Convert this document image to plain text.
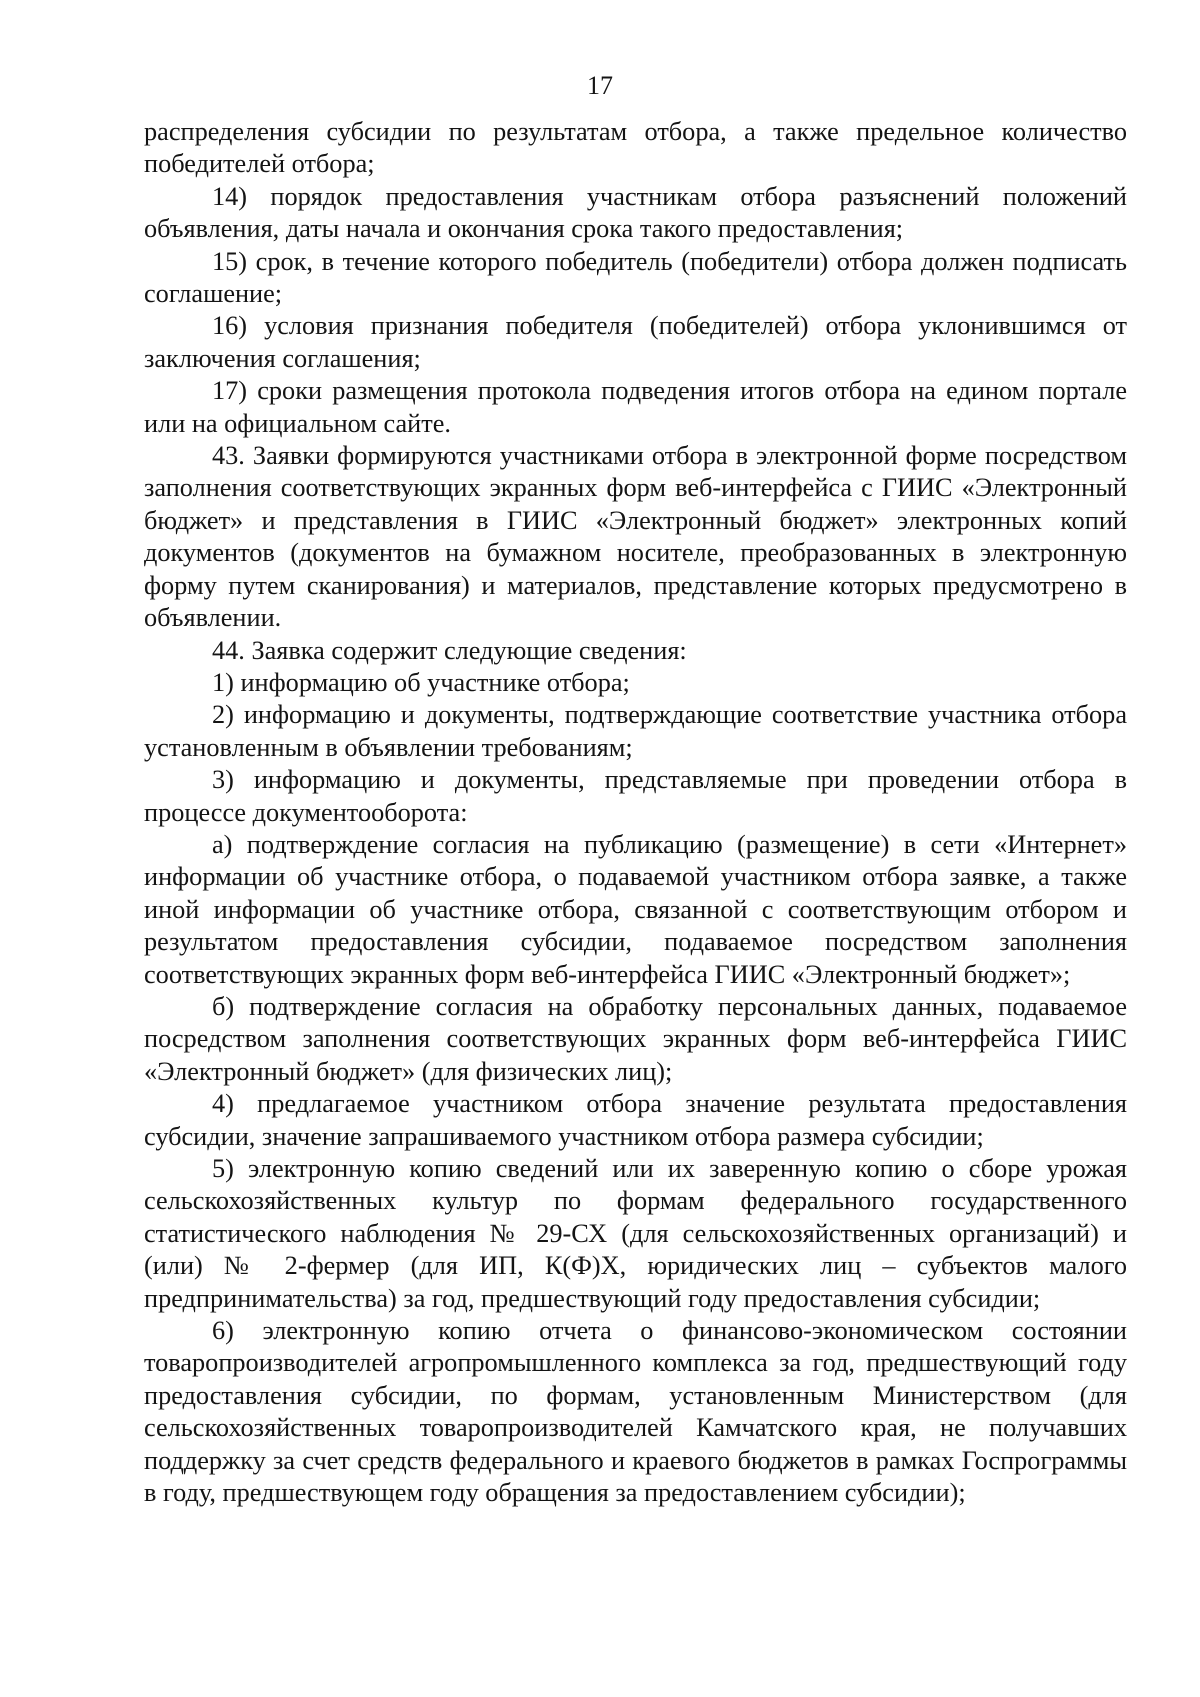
17

распределения субсидии по результатам отбора, а также предельное количество победителей отбора;

14) порядок предоставления участникам отбора разъяснений положений объявления, даты начала и окончания срока такого предоставления;

15) срок, в течение которого победитель (победители) отбора должен подписать соглашение;

16) условия признания победителя (победителей) отбора уклонившимся от заключения соглашения;

17) сроки размещения протокола подведения итогов отбора на едином портале или на официальном сайте.

43. Заявки формируются участниками отбора в электронной форме посредством заполнения соответствующих экранных форм веб-интерфейса с ГИИС «Электронный бюджет» и представления в ГИИС «Электронный бюджет» электронных копий документов (документов на бумажном носителе, преобразованных в электронную форму путем сканирования) и материалов, представление которых предусмотрено в объявлении.

44. Заявка содержит следующие сведения:

1) информацию об участнике отбора;

2) информацию и документы, подтверждающие соответствие участника отбора установленным в объявлении требованиям;

3) информацию и документы, представляемые при проведении отбора в процессе документооборота:

а) подтверждение согласия на публикацию (размещение) в сети «Интернет» информации об участнике отбора, о подаваемой участником отбора заявке, а также иной информации об участнике отбора, связанной с соответствующим отбором и результатом предоставления субсидии, подаваемое посредством заполнения соответствующих экранных форм веб-интерфейса ГИИС «Электронный бюджет»;

б) подтверждение согласия на обработку персональных данных, подаваемое посредством заполнения соответствующих экранных форм веб-интерфейса ГИИС «Электронный бюджет» (для физических лиц);

4) предлагаемое участником отбора значение результата предоставления субсидии, значение запрашиваемого участником отбора размера субсидии;

5) электронную копию сведений или их заверенную копию о сборе урожая сельскохозяйственных культур по формам федерального государственного статистического наблюдения № 29-СХ (для сельскохозяйственных организаций) и (или) № 2-фермер (для ИП, К(Ф)Х, юридических лиц – субъектов малого предпринимательства) за год, предшествующий году предоставления субсидии;

6) электронную копию отчета о финансово-экономическом состоянии товаропроизводителей агропромышленного комплекса за год, предшествующий году предоставления субсидии, по формам, установленным Министерством (для сельскохозяйственных товаропроизводителей Камчатского края, не получавших поддержку за счет средств федерального и краевого бюджетов в рамках Госпрограммы в году, предшествующем году обращения за предоставлением субсидии);
